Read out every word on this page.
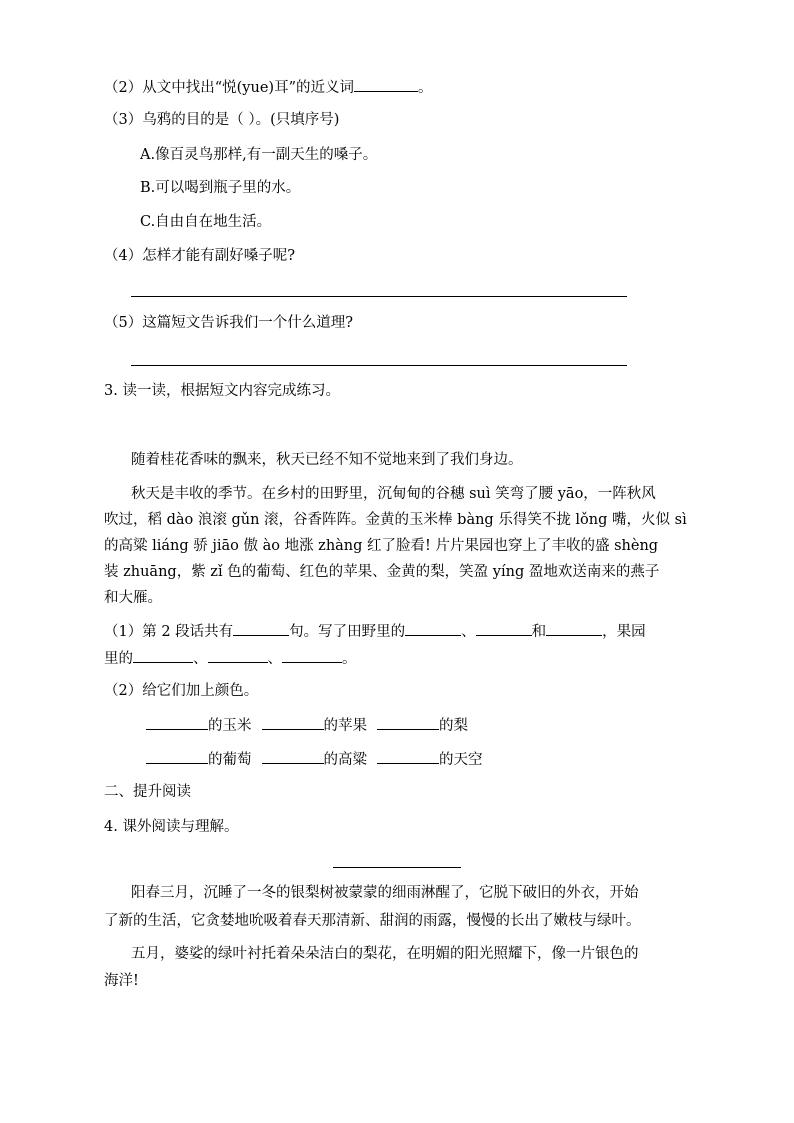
（2）从文中找出“悦(yue)耳”的近义词	。
（3）乌鸦的目的是（ ）。(只填序号)
A.像百灵鸟那样,有一副天生的嗓子。
B.可以喝到瓶子里的水。
C.自由自在地生活。
（4）怎样才能有副好嗓子呢?
（5）这篇短文告诉我们一个什么道理?
3. 读一读，根据短文内容完成练习。
随着桂花香味的飘来，秋天已经不知不觉地来到了我们身边。
秋天是丰收的季节。在乡村的田野里，沉甸甸的谷穗 suì 笑弯了腰 yāo，一阵秋风
吹过，稻 dào 浪滚 gǔn 滚，谷香阵阵。金黄的玉米棒 bàng 乐得笑不拢 lǒng 嘴，火似 sì
的高粱 liáng 骄 jiāo 傲 ào 地涨 zhàng 红了脸看! 片片果园也穿上了丰收的盛 shèng
装 zhuāng，紫 zǐ 色的葡萄、红色的苹果、金黄的梨，笑盈 yíng 盈地欢送南来的燕子
和大雁。
（1）第 2 段话共有	句。写了田野里的	、	和	，果园
里的	、	、	。
（2）给它们加上颜色。
的玉米	的苹果	的梨
的葡萄	的高粱	的天空
二、提升阅读
4. 课外阅读与理解。
阳春三月，沉睡了一冬的银梨树被蒙蒙的细雨淋醒了，它脱下破旧的外衣，开始
了新的生活，它贪婪地吮吸着春天那清新、甜润的雨露，慢慢的长出了嫩枝与绿叶。
五月，婆娑的绿叶衬托着朵朵洁白的梨花，在明媚的阳光照耀下，像一片银色的
海洋!
